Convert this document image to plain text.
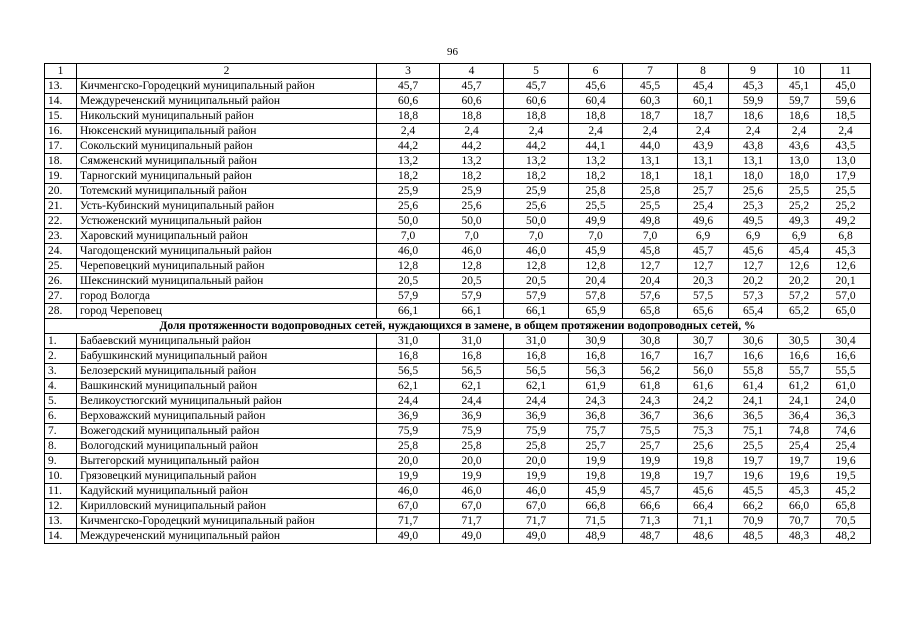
96
1	2	3	4	5	6	7	8	9	10	11
13.	Кичменгско-Городецкий муниципальный район	45,7	45,7	45,7	45,6	45,5	45,4	45,3	45,1	45,0
14.	Междуреченский муниципальный район	60,6	60,6	60,6	60,4	60,3	60,1	59,9	59,7	59,6
15.	Никольский муниципальный район	18,8	18,8	18,8	18,8	18,7	18,7	18,6	18,6	18,5
16.	Нюксенский муниципальный район	2,4	2,4	2,4	2,4	2,4	2,4	2,4	2,4	2,4
17.	Сокольский муниципальный район	44,2	44,2	44,2	44,1	44,0	43,9	43,8	43,6	43,5
18.	Сямженский муниципальный район	13,2	13,2	13,2	13,2	13,1	13,1	13,1	13,0	13,0
19.	Тарногский муниципальный район	18,2	18,2	18,2	18,2	18,1	18,1	18,0	18,0	17,9
20.	Тотемский муниципальный район	25,9	25,9	25,9	25,8	25,8	25,7	25,6	25,5	25,5
21.	Усть-Кубинский муниципальный район	25,6	25,6	25,6	25,5	25,5	25,4	25,3	25,2	25,2
22.	Устюженский муниципальный район	50,0	50,0	50,0	49,9	49,8	49,6	49,5	49,3	49,2
23.	Харовский муниципальный район	7,0	7,0	7,0	7,0	7,0	6,9	6,9	6,9	6,8
24.	Чагодощенский муниципальный район	46,0	46,0	46,0	45,9	45,8	45,7	45,6	45,4	45,3
25.	Череповецкий муниципальный район	12,8	12,8	12,8	12,8	12,7	12,7	12,7	12,6	12,6
26.	Шекснинский муниципальный район	20,5	20,5	20,5	20,4	20,4	20,3	20,2	20,2	20,1
27.	город Вологда	57,9	57,9	57,9	57,8	57,6	57,5	57,3	57,2	57,0
28.	город Череповец	66,1	66,1	66,1	65,9	65,8	65,6	65,4	65,2	65,0
Доля протяженности водопроводных сетей, нуждающихся в замене, в общем протяжении водопроводных сетей, %										
1.	Бабаевский муниципальный район	31,0	31,0	31,0	30,9	30,8	30,7	30,6	30,5	30,4
2.	Бабушкинский муниципальный район	16,8	16,8	16,8	16,8	16,7	16,7	16,6	16,6	16,6
3.	Белозерский муниципальный район	56,5	56,5	56,5	56,3	56,2	56,0	55,8	55,7	55,5
4.	Вашкинский муниципальный район	62,1	62,1	62,1	61,9	61,8	61,6	61,4	61,2	61,0
5.	Великоустюгский муниципальный район	24,4	24,4	24,4	24,3	24,3	24,2	24,1	24,1	24,0
6.	Верховажский муниципальный район	36,9	36,9	36,9	36,8	36,7	36,6	36,5	36,4	36,3
7.	Вожегодский муниципальный район	75,9	75,9	75,9	75,7	75,5	75,3	75,1	74,8	74,6
8.	Вологодский муниципальный район	25,8	25,8	25,8	25,7	25,7	25,6	25,5	25,4	25,4
9.	Вытегорский муниципальный район	20,0	20,0	20,0	19,9	19,9	19,8	19,7	19,7	19,6
10.	Грязовецкий муниципальный район	19,9	19,9	19,9	19,8	19,8	19,7	19,6	19,6	19,5
11.	Кадуйский муниципальный район	46,0	46,0	46,0	45,9	45,7	45,6	45,5	45,3	45,2
12.	Кирилловский муниципальный район	67,0	67,0	67,0	66,8	66,6	66,4	66,2	66,0	65,8
13.	Кичменгско-Городецкий муниципальный район	71,7	71,7	71,7	71,5	71,3	71,1	70,9	70,7	70,5
14.	Междуреченский муниципальный район	49,0	49,0	49,0	48,9	48,7	48,6	48,5	48,3	48,2
